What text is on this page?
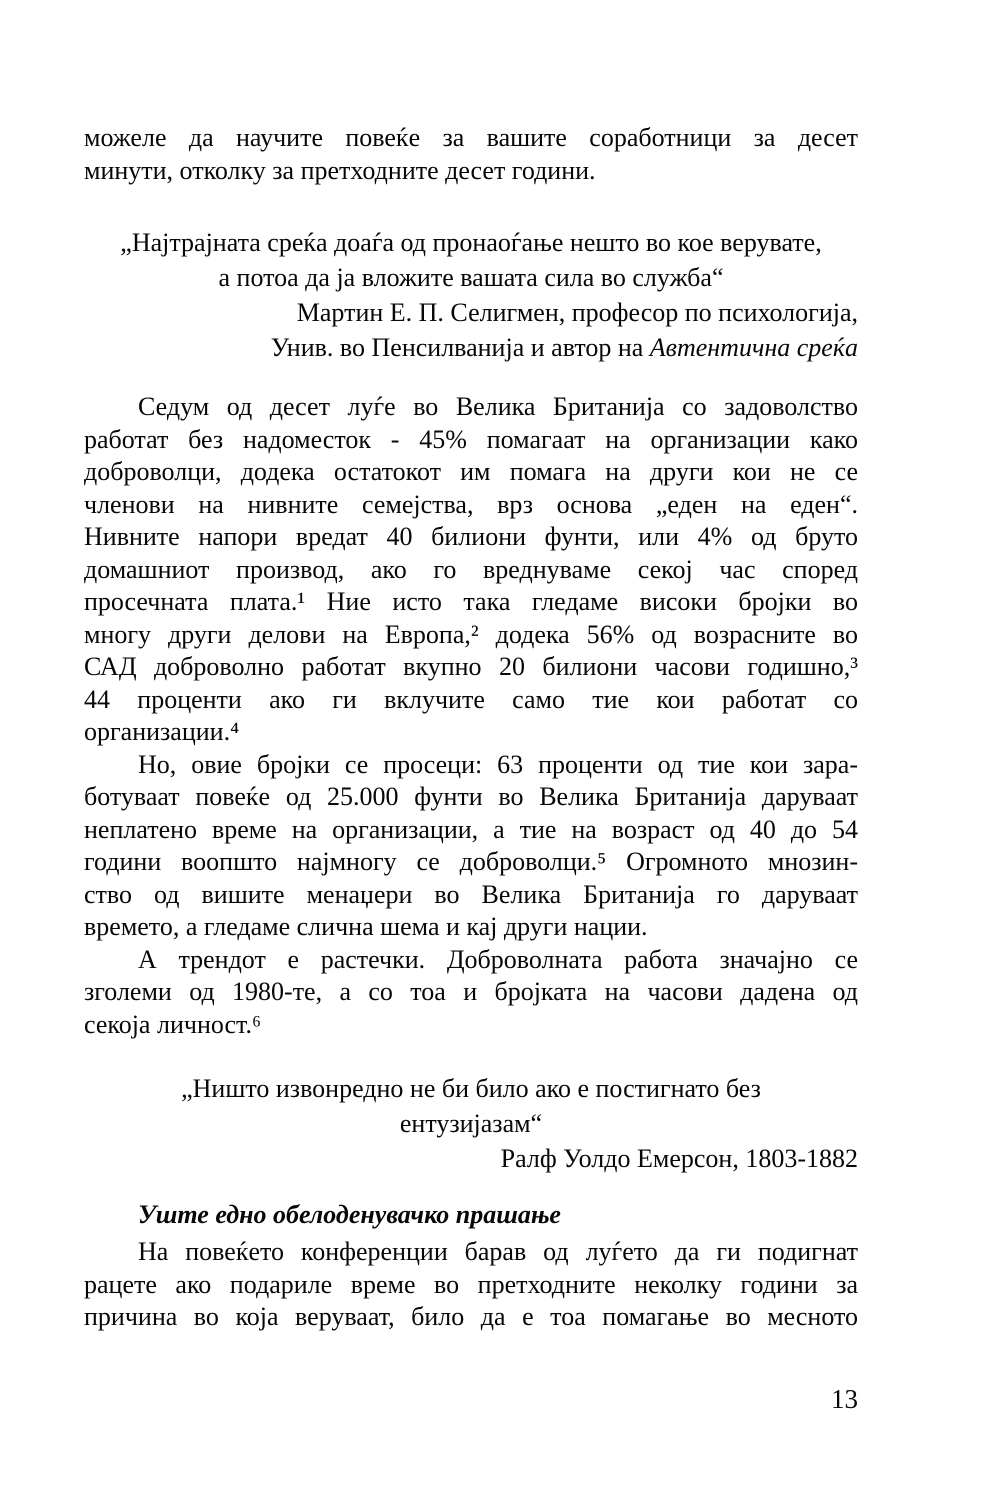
можеле да научите повеќе за вашите соработници за десет
минути, отколку за претходните десет години.
„Најтрајната среќа доаѓа од пронаоѓање нешто во кое верувате,
а потоа да ја вложите вашата сила во служба“
Мартин Е. П. Селигмен, професор по психологија,
Унив. во Пенсилванија и автор на Автентична среќа
Седум од десет луѓе во Велика Британија со задоволство
работат без надоместок - 45% помагаат на организации како
доброволци, додека остатокот им помага на други кои не се
членови на нивните семејства, врз основа „еден на еден“.
Нивните напори вредат 40 билиони фунти, или 4% од бруто
домашниот производ, ако го вреднуваме секој час според
просечната плата.¹ Ние исто така гледаме високи бројки во
многу други делови на Европа,² додека 56% од возрасните во
САД доброволно работат вкупно 20 билиони часови годишно,³
44 проценти ако ги вклучите само тие кои работат со
организации.⁴
Но, овие бројки се просеци: 63 проценти од тие кои зара-
ботуваат повеќе од 25.000 фунти во Велика Британија даруваат
неплатено време на организации, а тие на возраст од 40 до 54
години воопшто најмногу се доброволци.⁵ Огромното мнозин-
ство од вишите менаџери во Велика Британија го даруваат
времето, а гледаме слична шема и кај други нации.
А трендот е растечки. Доброволната работа значајно се
зголеми од 1980-те, а со тоа и бројката на часови дадена од
секоја личност.⁶
„Ништо извонредно не би било ако е постигнато без
ентузијазам“
Ралф Уолдо Емерсон, 1803-1882
Уште едно обелоденувачко прашање
На повеќето конференции барав од луѓето да ги подигнат
рацете ако подариле време во претходните неколку години за
причина во која веруваат, било да е тоа помагање во месното
13
